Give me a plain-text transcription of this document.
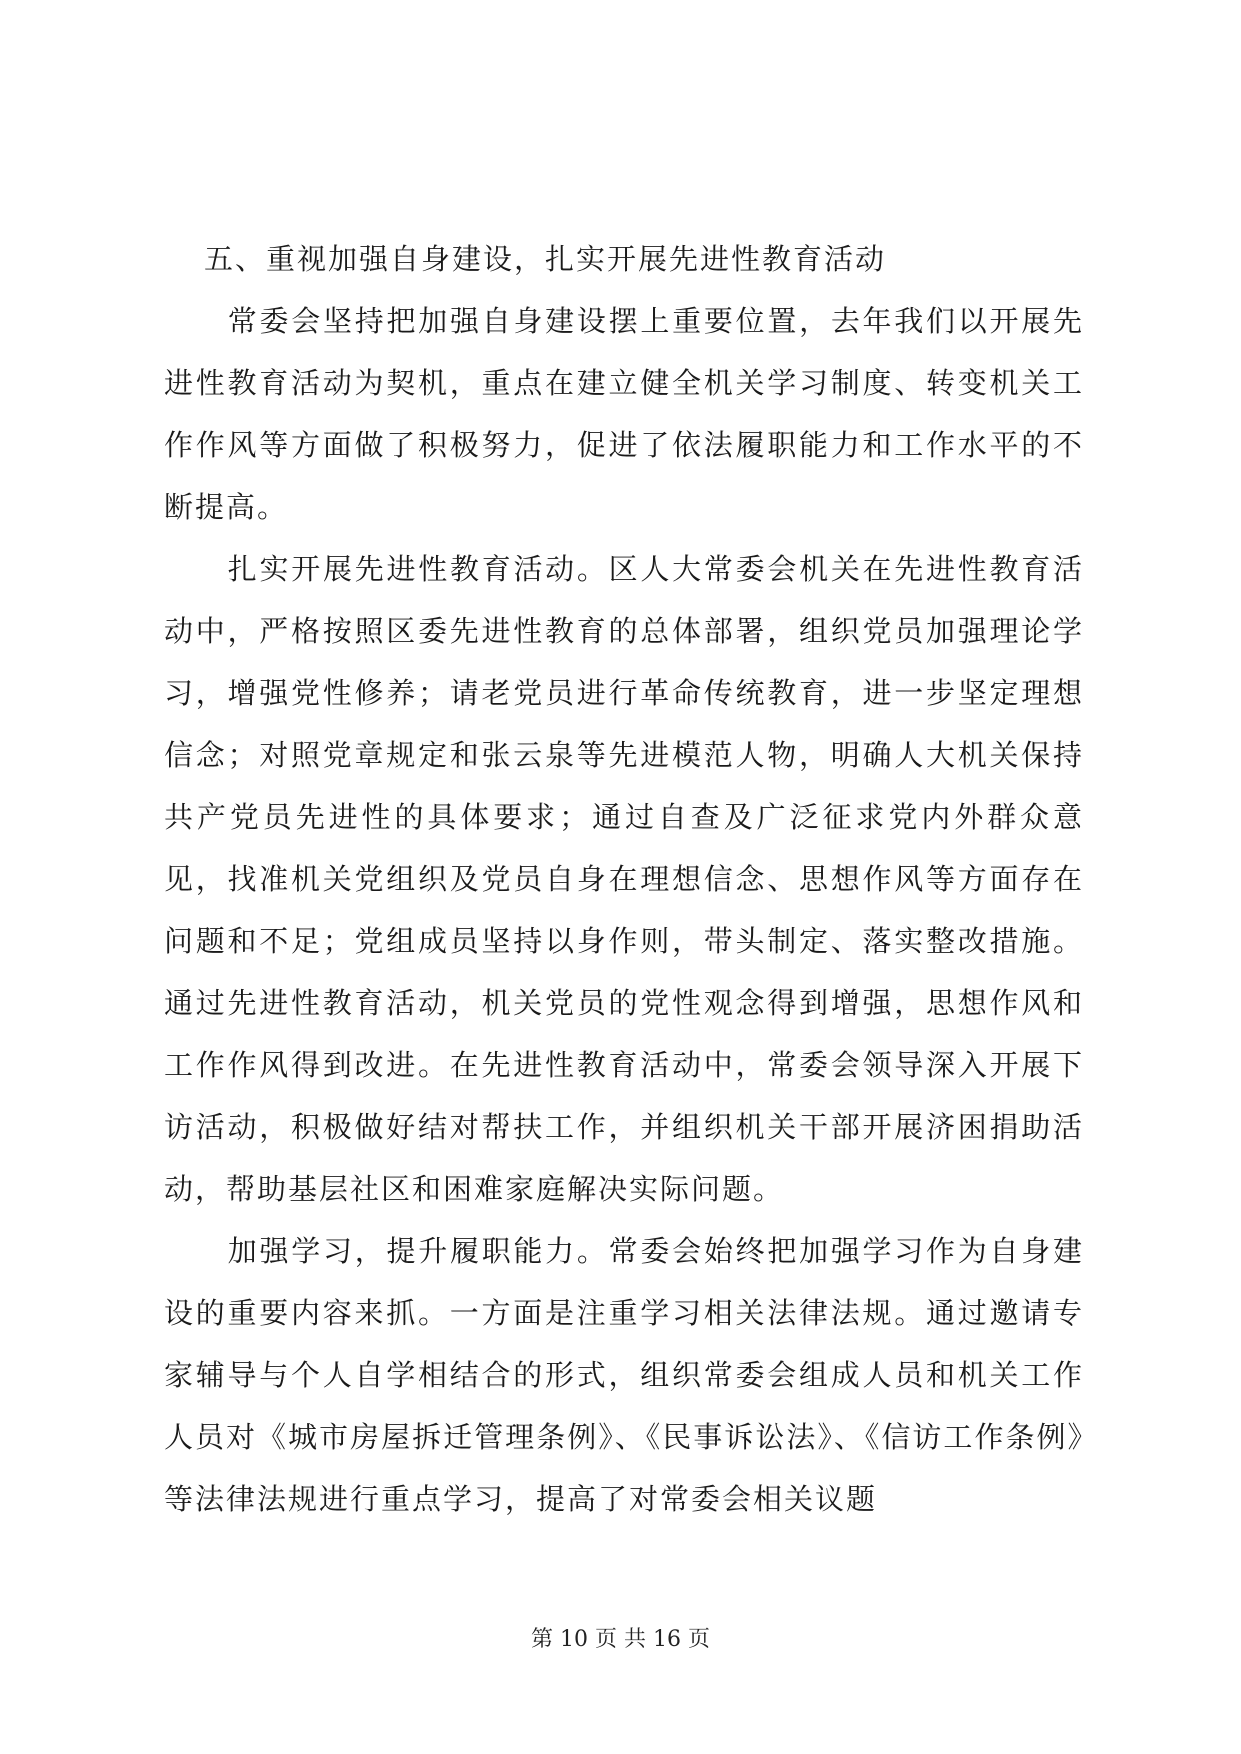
五、重视加强自身建设，扎实开展先进性教育活动

常委会坚持把加强自身建设摆上重要位置，去年我们以开展先进性教育活动为契机，重点在建立健全机关学习制度、转变机关工作作风等方面做了积极努力，促进了依法履职能力和工作水平的不断提高。

扎实开展先进性教育活动。区人大常委会机关在先进性教育活动中，严格按照区委先进性教育的总体部署，组织党员加强理论学习，增强党性修养；请老党员进行革命传统教育，进一步坚定理想信念；对照党章规定和张云泉等先进模范人物，明确人大机关保持共产党员先进性的具体要求；通过自查及广泛征求党内外群众意见，找准机关党组织及党员自身在理想信念、思想作风等方面存在问题和不足；党组成员坚持以身作则，带头制定、落实整改措施。通过先进性教育活动，机关党员的党性观念得到增强，思想作风和工作作风得到改进。在先进性教育活动中，常委会领导深入开展下访活动，积极做好结对帮扶工作，并组织机关干部开展济困捐助活动，帮助基层社区和困难家庭解决实际问题。

加强学习，提升履职能力。常委会始终把加强学习作为自身建设的重要内容来抓。一方面是注重学习相关法律法规。通过邀请专家辅导与个人自学相结合的形式，组织常委会组成人员和机关工作人员对《城市房屋拆迁管理条例》、《民事诉讼法》、《信访工作条例》等法律法规进行重点学习，提高了对常委会相关议题

第 10 页 共 16 页
